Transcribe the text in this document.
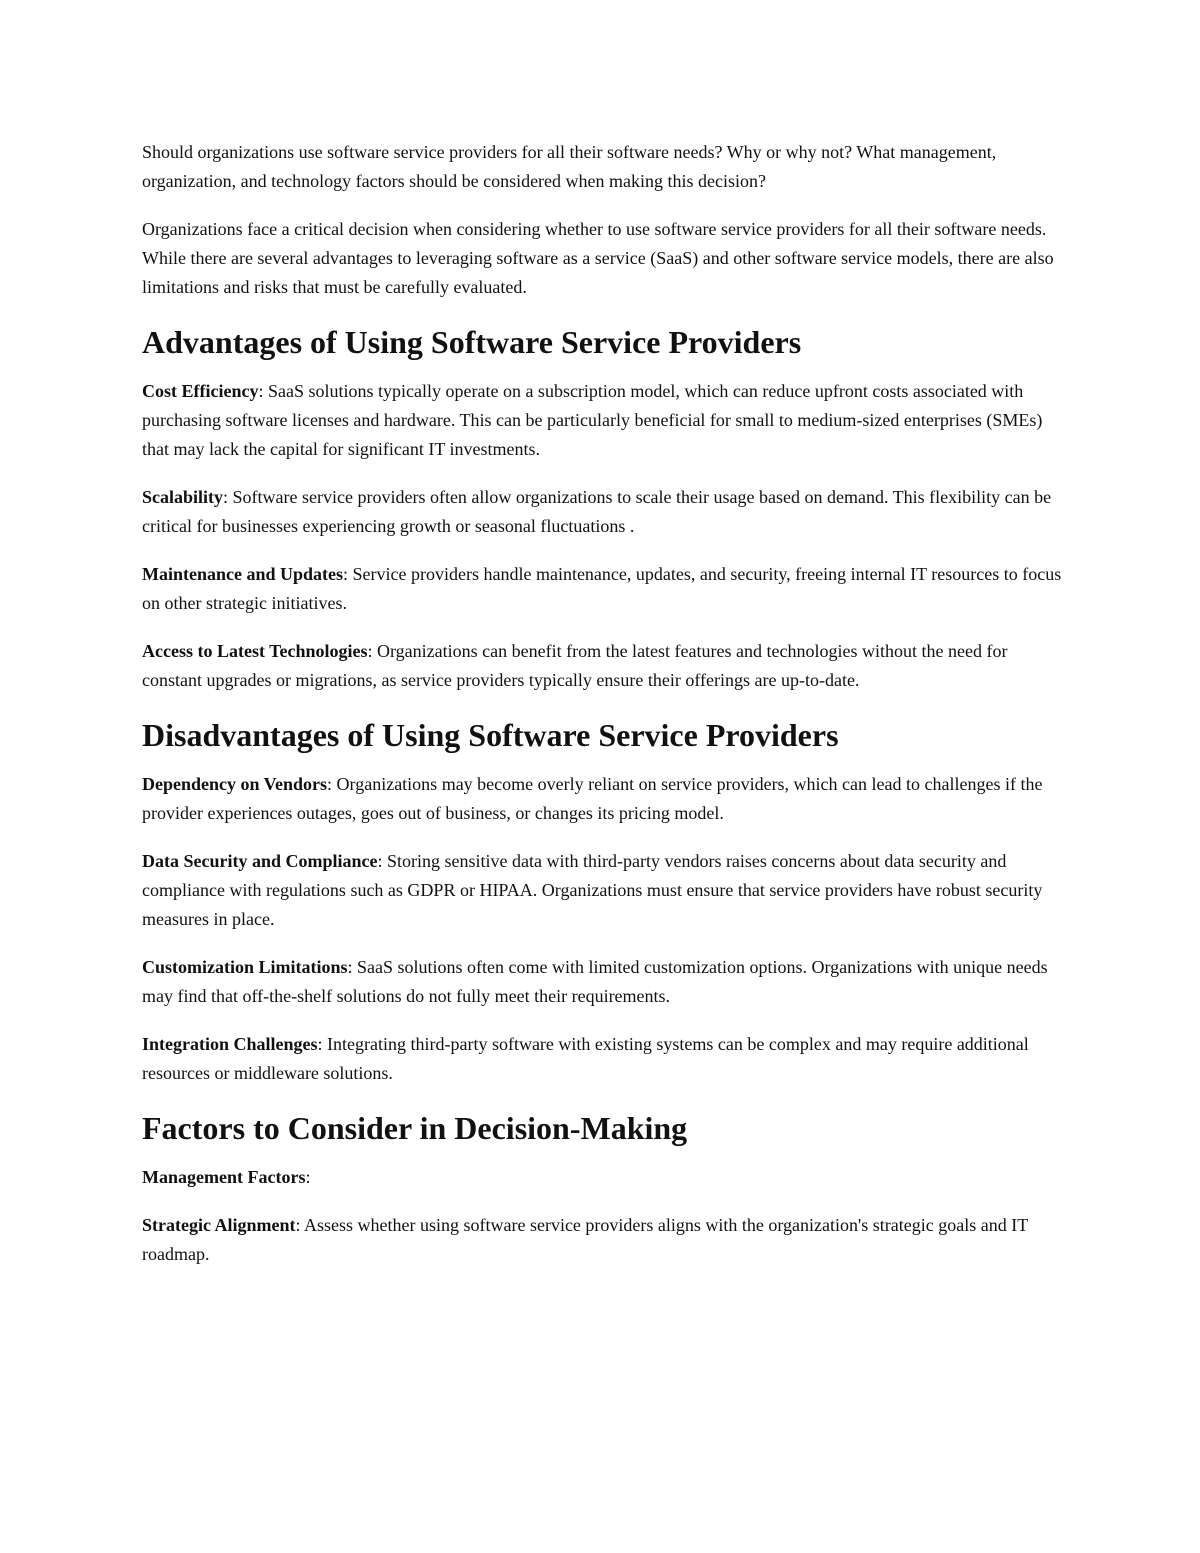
Should organizations use software service providers for all their software needs? Why or why not? What management, organization, and technology factors should be considered when making this decision?

Organizations face a critical decision when considering whether to use software service providers for all their software needs. While there are several advantages to leveraging software as a service (SaaS) and other software service models, there are also limitations and risks that must be carefully evaluated.

Advantages of Using Software Service Providers

Cost Efficiency: SaaS solutions typically operate on a subscription model, which can reduce upfront costs associated with purchasing software licenses and hardware. This can be particularly beneficial for small to medium-sized enterprises (SMEs) that may lack the capital for significant IT investments.

Scalability: Software service providers often allow organizations to scale their usage based on demand. This flexibility can be critical for businesses experiencing growth or seasonal fluctuations .

Maintenance and Updates: Service providers handle maintenance, updates, and security, freeing internal IT resources to focus on other strategic initiatives.

Access to Latest Technologies: Organizations can benefit from the latest features and technologies without the need for constant upgrades or migrations, as service providers typically ensure their offerings are up-to-date.

Disadvantages of Using Software Service Providers

Dependency on Vendors: Organizations may become overly reliant on service providers, which can lead to challenges if the provider experiences outages, goes out of business, or changes its pricing model.

Data Security and Compliance: Storing sensitive data with third-party vendors raises concerns about data security and compliance with regulations such as GDPR or HIPAA. Organizations must ensure that service providers have robust security measures in place.

Customization Limitations: SaaS solutions often come with limited customization options. Organizations with unique needs may find that off-the-shelf solutions do not fully meet their requirements.

Integration Challenges: Integrating third-party software with existing systems can be complex and may require additional resources or middleware solutions.

Factors to Consider in Decision-Making

Management Factors:

Strategic Alignment: Assess whether using software service providers aligns with the organization's strategic goals and IT roadmap.
